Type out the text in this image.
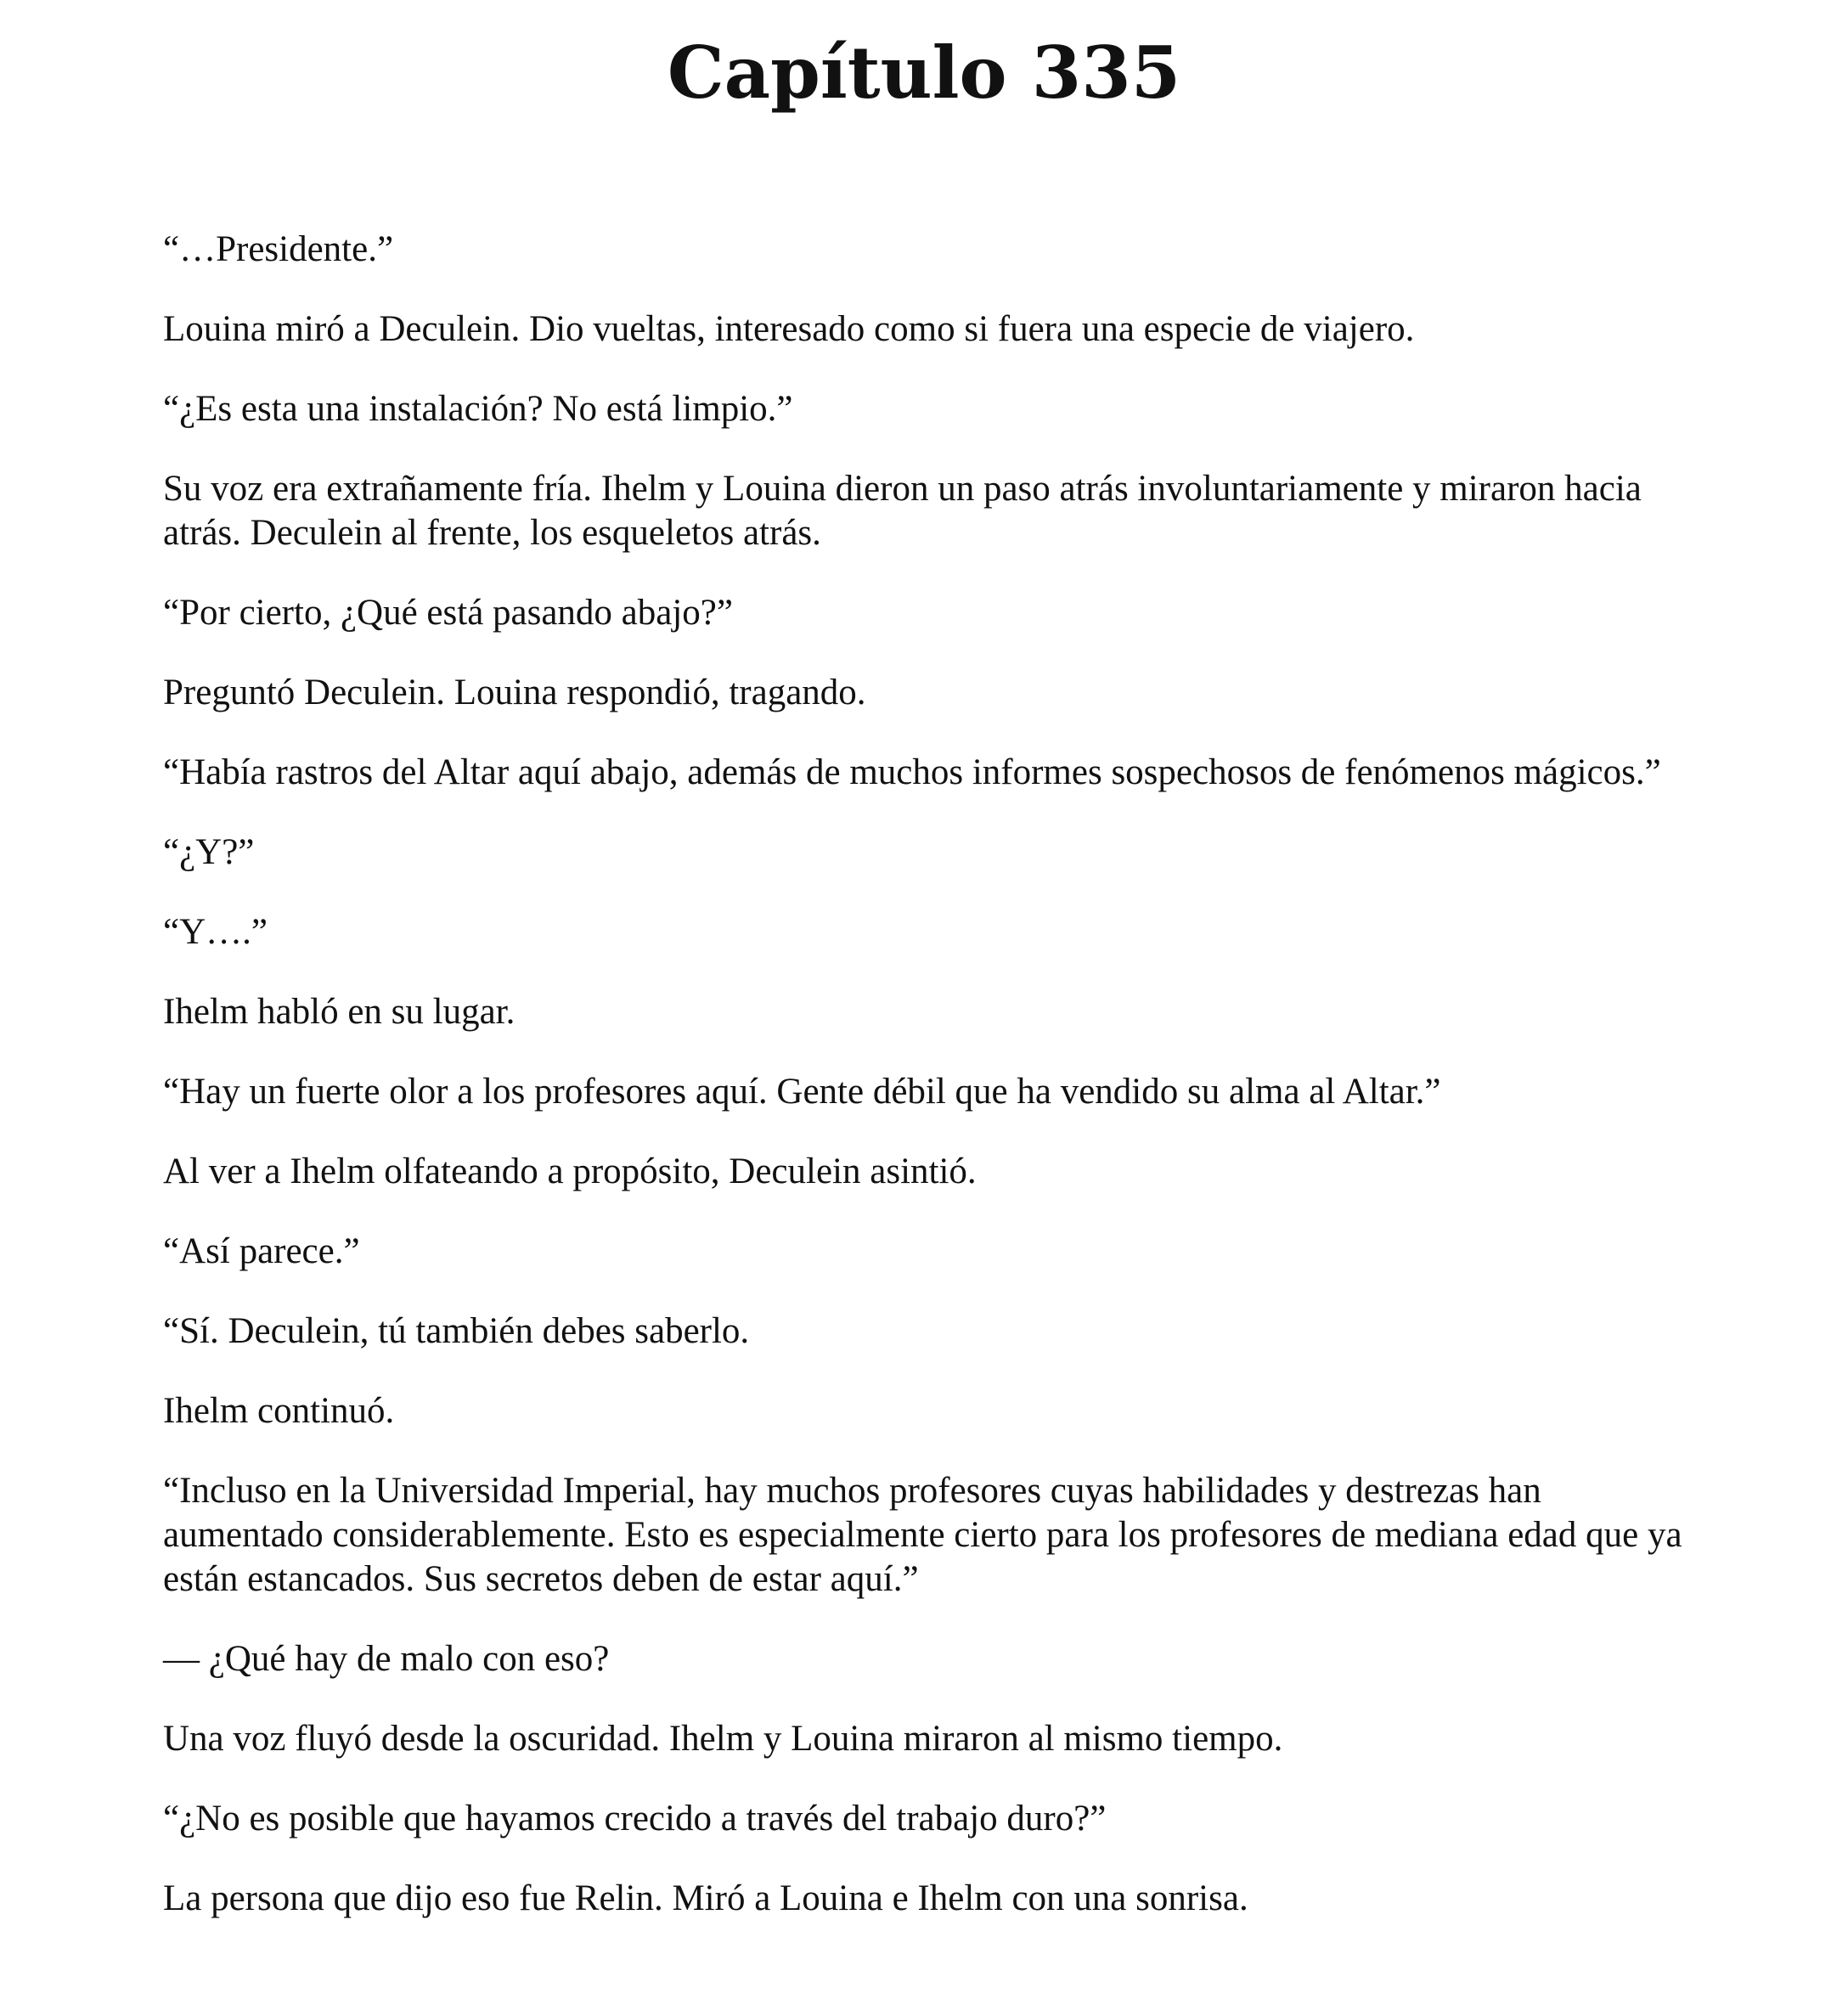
Capítulo 335

“…Presidente.”

Louina miró a Deculein. Dio vueltas, interesado como si fuera una especie de viajero.

“¿Es esta una instalación? No está limpio.”

Su voz era extrañamente fría. Ihelm y Louina dieron un paso atrás involuntariamente y miraron hacia atrás. Deculein al frente, los esqueletos atrás.

“Por cierto, ¿Qué está pasando abajo?”

Preguntó Deculein. Louina respondió, tragando.

“Había rastros del Altar aquí abajo, además de muchos informes sospechosos de fenómenos mágicos.”

“¿Y?”

“Y….”

Ihelm habló en su lugar.

“Hay un fuerte olor a los profesores aquí. Gente débil que ha vendido su alma al Altar.”

Al ver a Ihelm olfateando a propósito, Deculein asintió.

“Así parece.”

“Sí. Deculein, tú también debes saberlo.

Ihelm continuó.

“Incluso en la Universidad Imperial, hay muchos profesores cuyas habilidades y destrezas han aumentado considerablemente. Esto es especialmente cierto para los profesores de mediana edad que ya están estancados. Sus secretos deben de estar aquí.”

— ¿Qué hay de malo con eso?

Una voz fluyó desde la oscuridad. Ihelm y Louina miraron al mismo tiempo.

“¿No es posible que hayamos crecido a través del trabajo duro?”

La persona que dijo eso fue Relin. Miró a Louina e Ihelm con una sonrisa.
